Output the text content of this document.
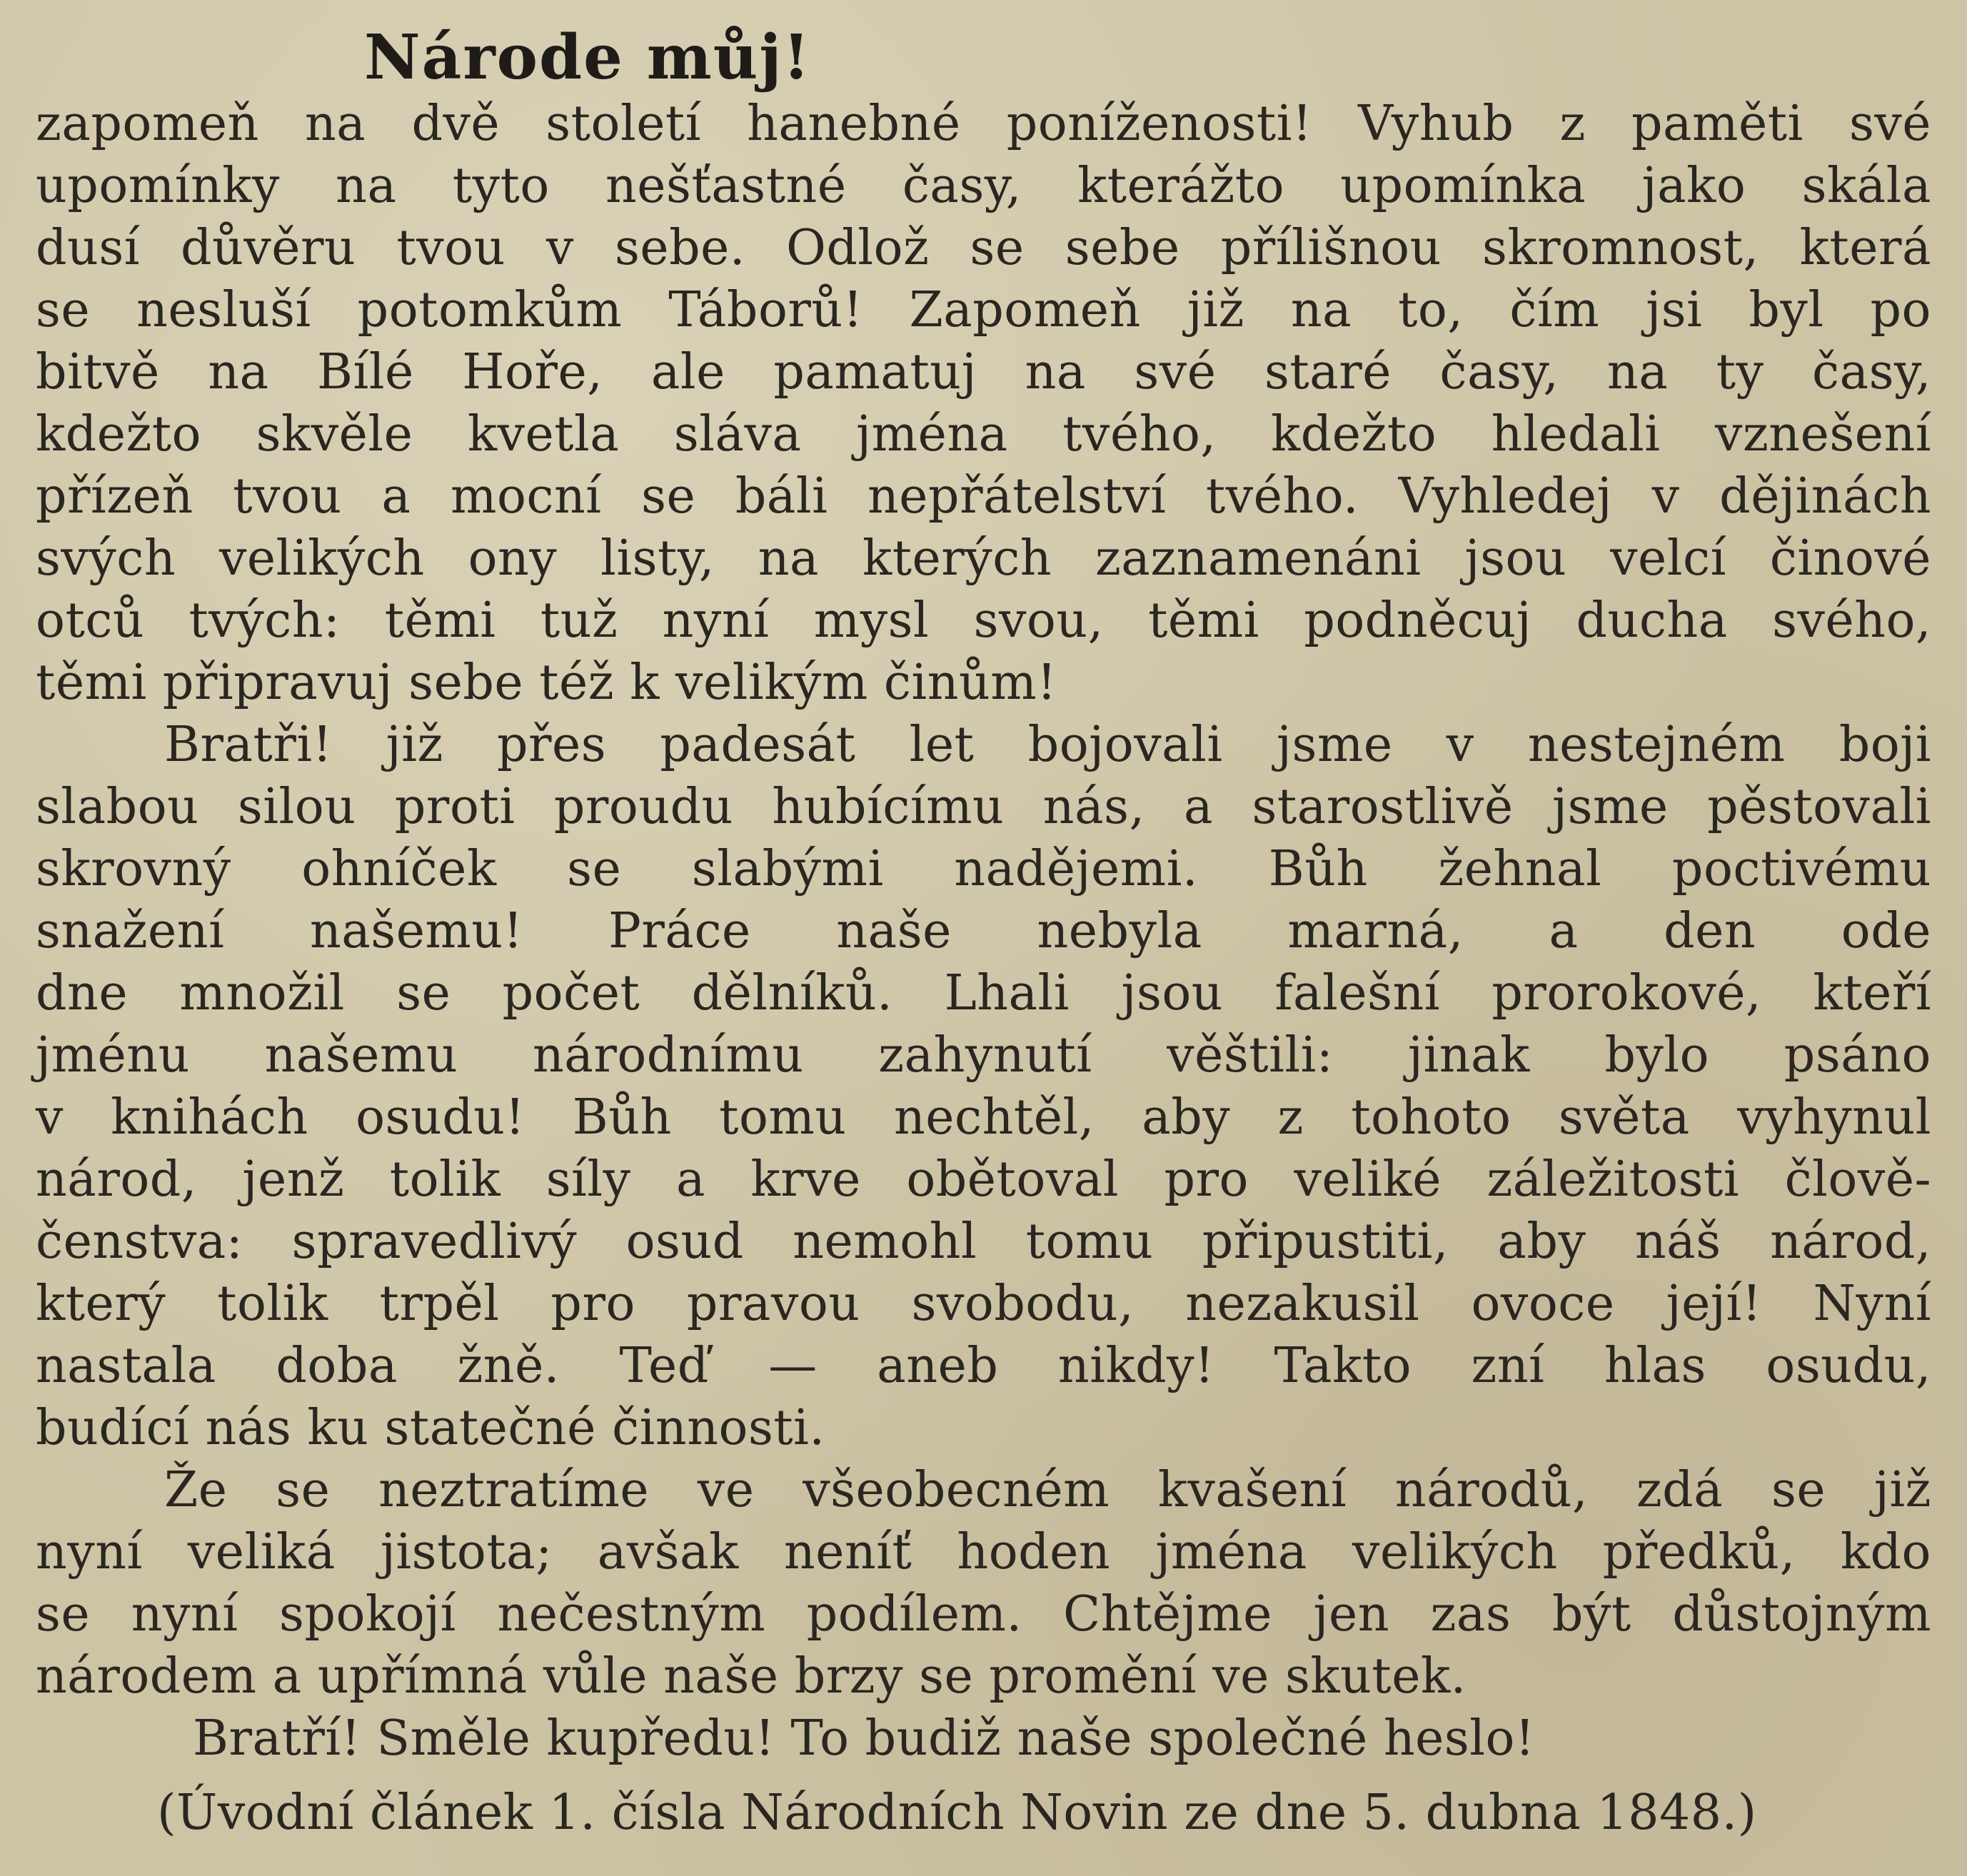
Národe můj!
zapomeň na dvě století hanebné poníženosti! Vyhub z paměti své
upomínky na tyto nešťastné časy, kterážto upomínka jako skála
dusí důvěru tvou v sebe. Odlož se sebe přílišnou skromnost, která
se nesluší potomkům Táborů! Zapomeň již na to, čím jsi byl po
bitvě na Bílé Hoře, ale pamatuj na své staré časy, na ty časy,
kdežto skvěle kvetla sláva jména tvého, kdežto hledali vznešení
přízeň tvou a mocní se báli nepřátelství tvého. Vyhledej v dějinách
svých velikých ony listy, na kterých zaznamenáni jsou velcí činové
otců tvých: těmi tuž nyní mysl svou, těmi podněcuj ducha svého,
těmi připravuj sebe též k velikým činům!
Bratři! již přes padesát let bojovali jsme v nestejném boji
slabou silou proti proudu hubícímu nás, a starostlivě jsme pěstovali
skrovný ohníček se slabými nadějemi. Bůh žehnal poctivému
snažení našemu! Práce naše nebyla marná, a den ode
dne množil se počet dělníků. Lhali jsou falešní prorokové, kteří
jménu našemu národnímu zahynutí věštili: jinak bylo psáno
v knihách osudu! Bůh tomu nechtěl, aby z tohoto světa vyhynul
národ, jenž tolik síly a krve obětoval pro veliké záležitosti člově-
čenstva: spravedlivý osud nemohl tomu připustiti, aby náš národ,
který tolik trpěl pro pravou svobodu, nezakusil ovoce její! Nyní
nastala doba žně. Teď — aneb nikdy! Takto zní hlas osudu,
budící nás ku statečné činnosti.
Že se neztratíme ve všeobecném kvašení národů, zdá se již
nyní veliká jistota; avšak neníť hoden jména velikých předků, kdo
se nyní spokojí nečestným podílem. Chtějme jen zas být důstojným
národem a upřímná vůle naše brzy se promění ve skutek.
Bratří! Směle kupředu! To budiž naše společné heslo!
(Úvodní článek 1. čísla Národních Novin ze dne 5. dubna 1848.)
